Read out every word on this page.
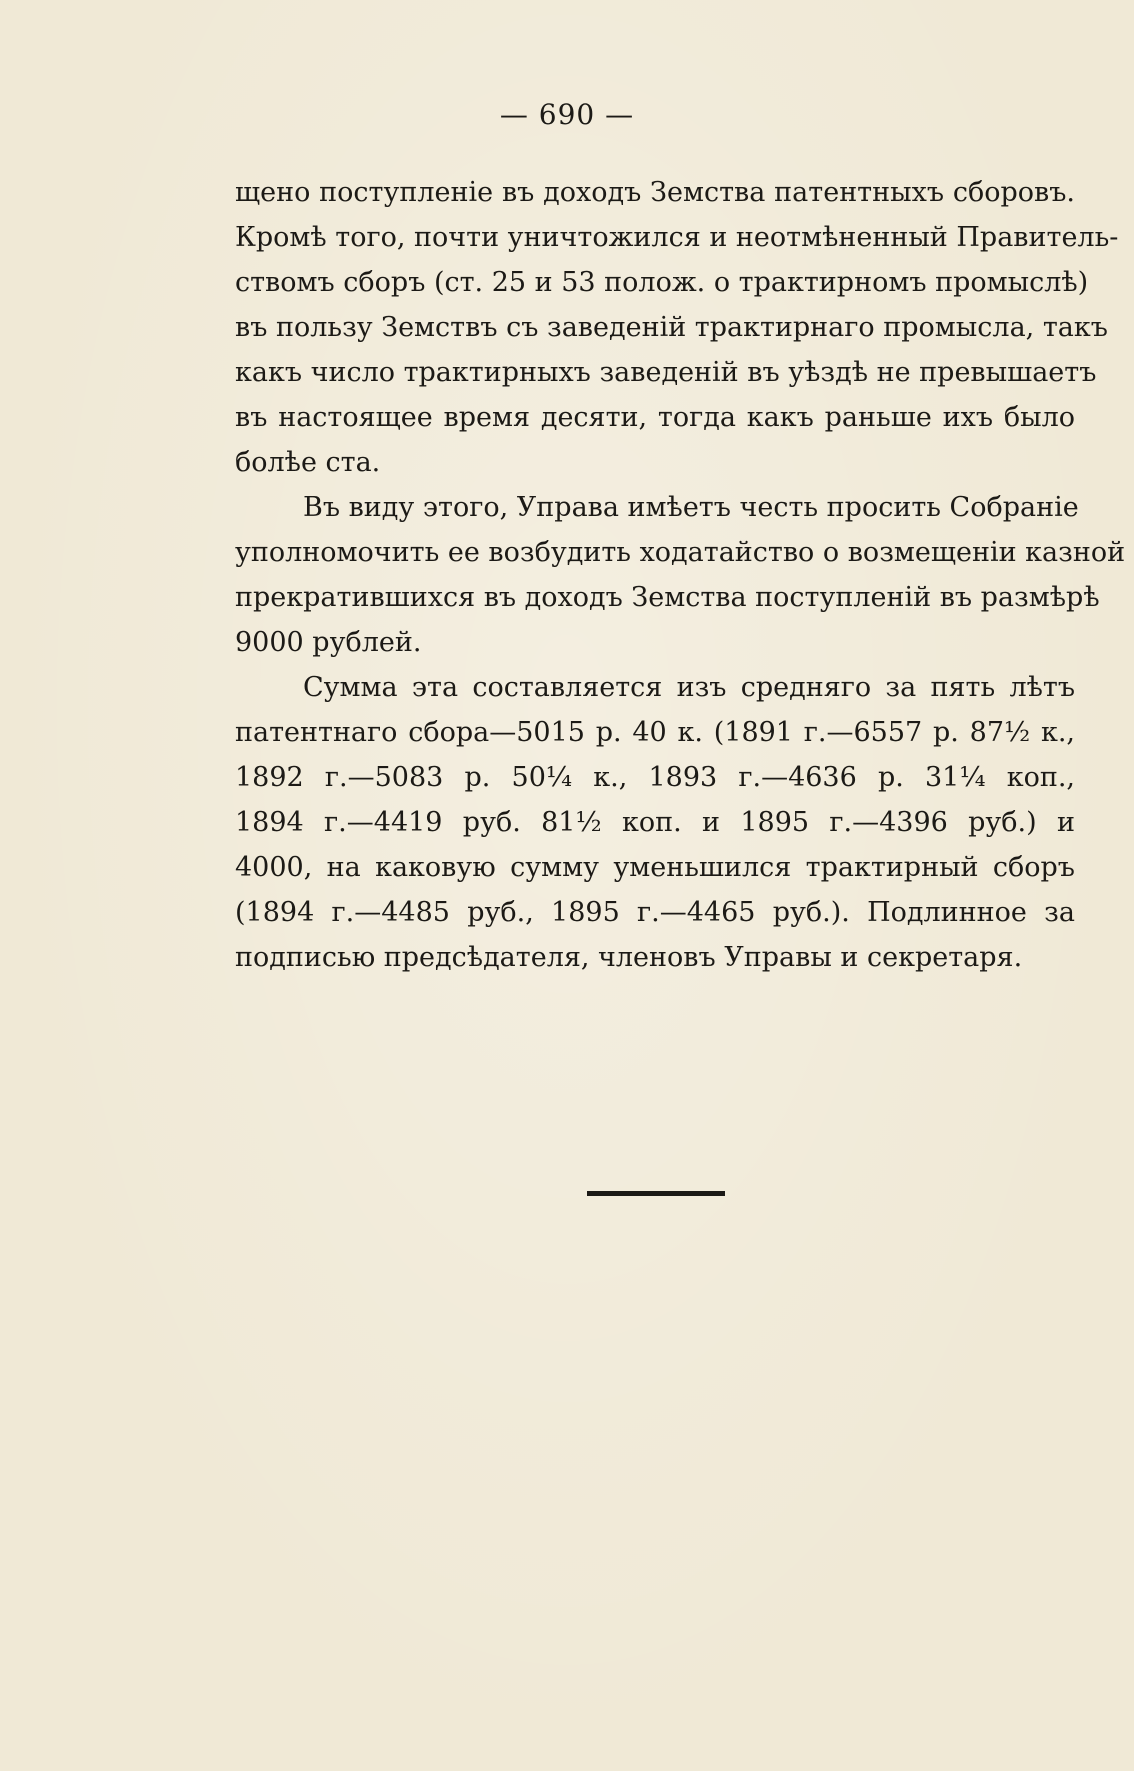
— 690 —

щено поступленіе въ доходъ Земства патентныхъ сборовъ.
Кромѣ того, почти уничтожился и неотмѣненный Правитель-
ствомъ сборъ (ст. 25 и 53 полож. о трактирномъ промыслѣ)
въ пользу Земствъ съ заведеній трактирнаго промысла, такъ
какъ число трактирныхъ заведеній въ уѣздѣ не превышаетъ
въ настоящее время десяти, тогда какъ раньше ихъ было
болѣе ста.

Въ виду этого, Управа имѣетъ честь просить Собраніе
уполномочить ее возбудить ходатайство о возмещеніи казной
прекратившихся въ доходъ Земства поступленій въ размѣрѣ
9000 рублей.

Сумма эта составляется изъ средняго за пять лѣтъ
патентнаго сбора—5015 р. 40 к. (1891 г.—6557 р. 87½ к.,
1892 г.—5083 р. 50¼ к., 1893 г.—4636 р. 31¼ коп.,
1894 г.—4419 руб. 81½ коп. и 1895 г.—4396 руб.) и
4000, на каковую сумму уменьшился трактирный сборъ
(1894 г.—4485 руб., 1895 г.—4465 руб.). Подлинное за
подписью предсѣдателя, членовъ Управы и секретаря.
